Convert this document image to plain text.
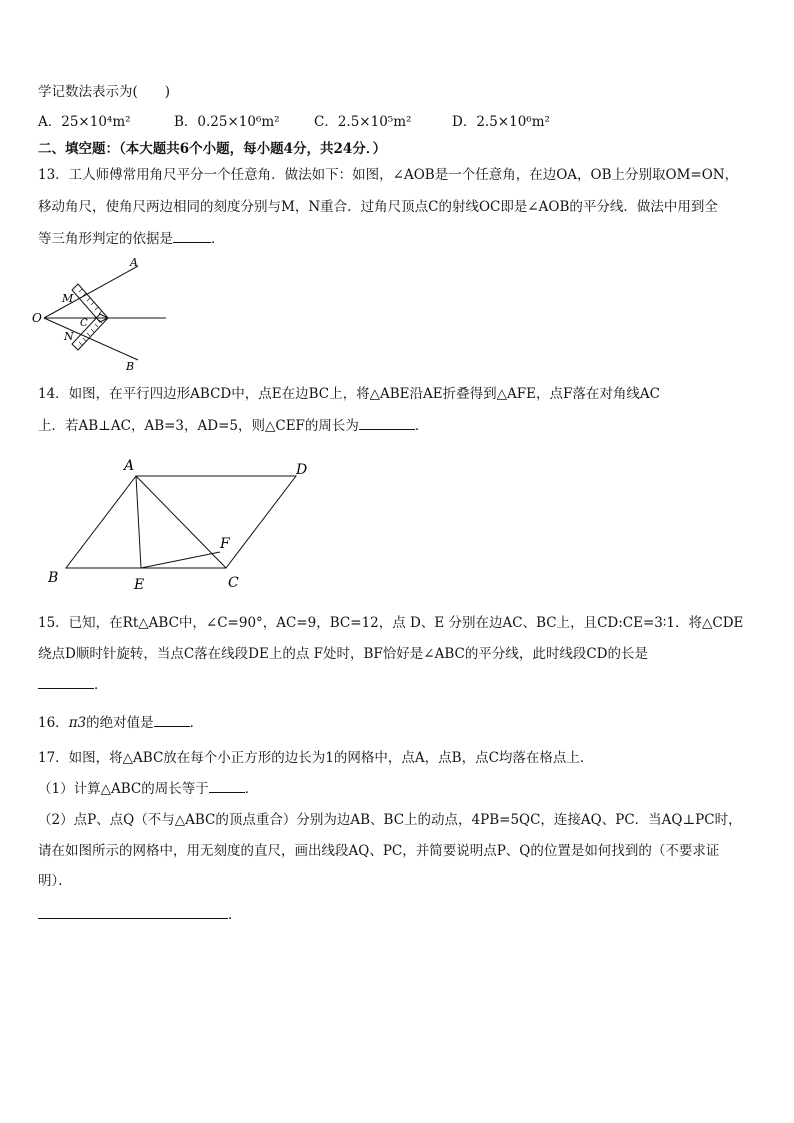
学记数法表示为(　　)
A．25×10⁴m²	B．0.25×10⁶m²	C．2.5×10⁵m²	D．2.5×10⁶m²
二、填空题：（本大题共6个小题，每小题4分，共24分．）
13．工人师傅常用角尺平分一个任意角．做法如下：如图，∠AOB是一个任意角，在边OA，OB上分别取OM=ON，
移动角尺，使角尺两边相同的刻度分别与M，N重合．过角尺顶点C的射线OC即是∠AOB的平分线．做法中用到全
等三角形判定的依据是	．
A
B
O
M
N
C
14．如图，在平行四边形ABCD中，点E在边BC上，将△ABE沿AE折叠得到△AFE，点F落在对角线AC
上．若AB⊥AC，AB=3，AD=5，则△CEF的周长为	．
A	D
B	E	C
F
15．已知，在Rt△ABC中，∠C=90°，AC=9，BC=12，点 D、E 分别在边AC、BC上，且CD:CE=3∶1．将△CDE
绕点D顺时针旋转，当点C落在线段DE上的点 F处时，BF恰好是∠ABC的平分线，此时线段CD的长是
．
16．π3的绝对值是	．
17．如图，将△ABC放在每个小正方形的边长为1的网格中，点A，点B，点C均落在格点上．
（1）计算△ABC的周长等于	．
（2）点P、点Q（不与△ABC的顶点重合）分别为边AB、BC上的动点，4PB=5QC，连接AQ、PC．当AQ⊥PC时，
请在如图所示的网格中，用无刻度的直尺，画出线段AQ、PC，并简要说明点P、Q的位置是如何找到的（不要求证
明）．
．
